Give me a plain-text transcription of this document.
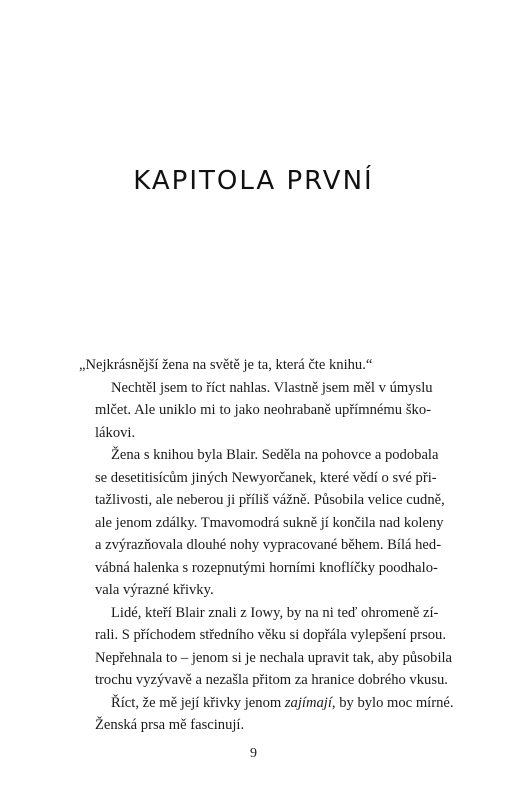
KAPITOLA PRVNÍ
„Nejkrásnější žena na světě je ta, která čte knihu.“
Nechtěl jsem to říct nahlas. Vlastně jsem měl v úmyslu
mlčet. Ale uniklo mi to jako neohrabaně upřímnému ško-
lákovi.
Žena s knihou byla Blair. Seděla na pohovce a podobala
se desetitisícům jiných Newyorčanek, které vědí o své při-
tažlivosti, ale neberou ji příliš vážně. Působila velice cudně,
ale jenom zdálky. Tmavomodrá sukně jí končila nad koleny
a zvýrazňovala dlouhé nohy vypracované během. Bílá hed-
vábná halenka s rozepnutými horními knoflíčky poodhalo-
vala výrazné křivky.
Lidé, kteří Blair znali z Iowy, by na ni teď ohromeně zí-
rali. S příchodem středního věku si dopřála vylepšení prsou.
Nepřehnala to – jenom si je nechala upravit tak, aby působila
trochu vyzývavě a nezašla přitom za hranice dobrého vkusu.
Říct, že mě její křivky jenom zajímají, by bylo moc mírné.
Ženská prsa mě fascinují.
9
